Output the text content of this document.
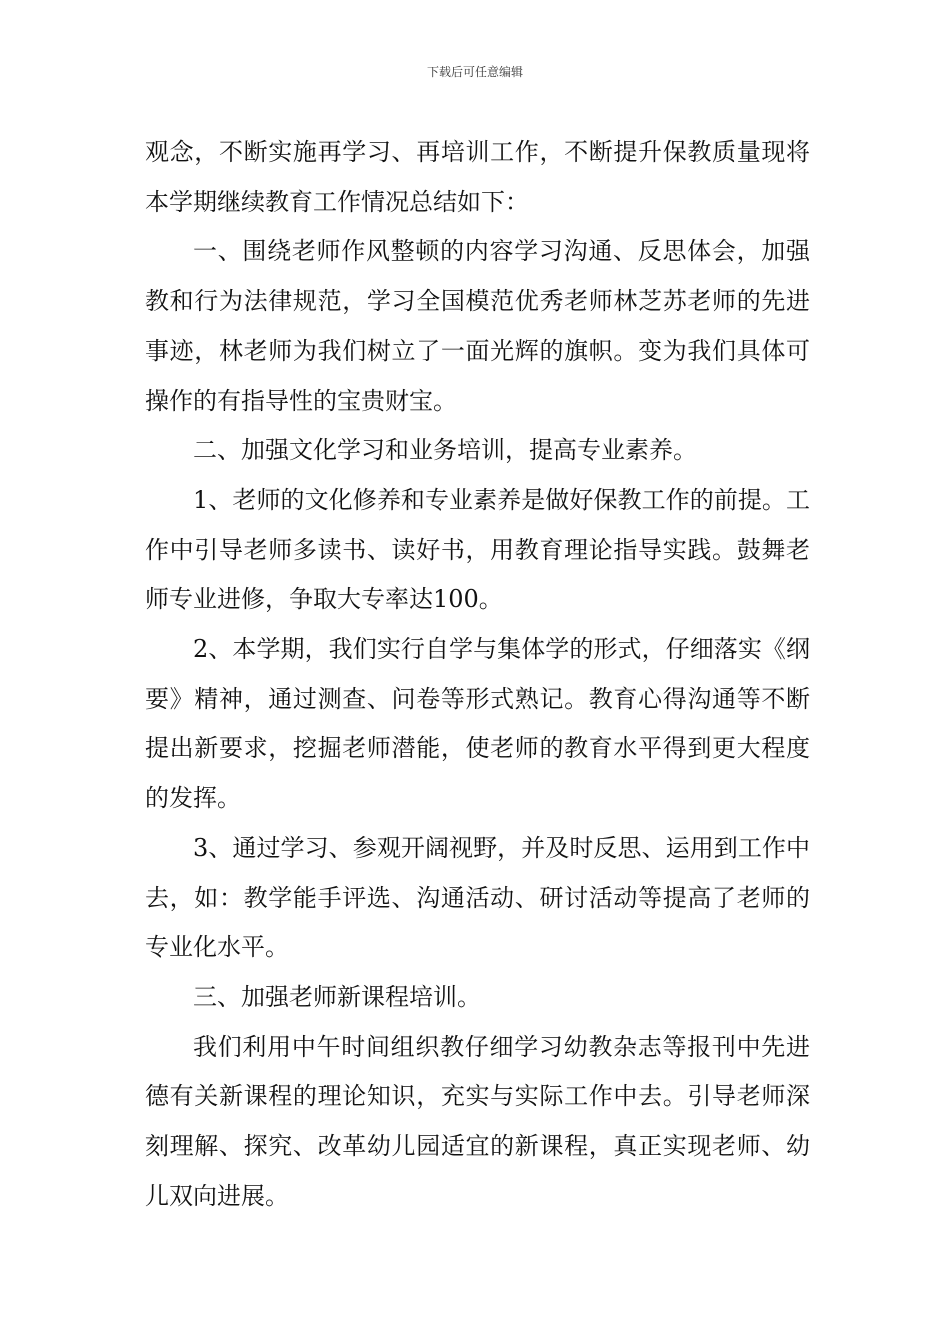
下载后可任意编辑

观念，不断实施再学习、再培训工作，不断提升保教质量现将本学期继续教育工作情况总结如下：

一、围绕老师作风整顿的内容学习沟通、反思体会，加强教和行为法律规范，学习全国模范优秀老师林芝苏老师的先进事迹，林老师为我们树立了一面光辉的旗帜。变为我们具体可操作的有指导性的宝贵财宝。

二、加强文化学习和业务培训，提高专业素养。

1、老师的文化修养和专业素养是做好保教工作的前提。工作中引导老师多读书、读好书，用教育理论指导实践。鼓舞老师专业进修，争取大专率达100。

2、本学期，我们实行自学与集体学的形式，仔细落实《纲要》精神，通过测查、问卷等形式熟记。教育心得沟通等不断提出新要求，挖掘老师潜能，使老师的教育水平得到更大程度的发挥。

3、通过学习、参观开阔视野，并及时反思、运用到工作中去，如：教学能手评选、沟通活动、研讨活动等提高了老师的专业化水平。

三、加强老师新课程培训。

我们利用中午时间组织教仔细学习幼教杂志等报刊中先进德有关新课程的理论知识，充实与实际工作中去。引导老师深刻理解、探究、改革幼儿园适宜的新课程，真正实现老师、幼儿双向进展。
